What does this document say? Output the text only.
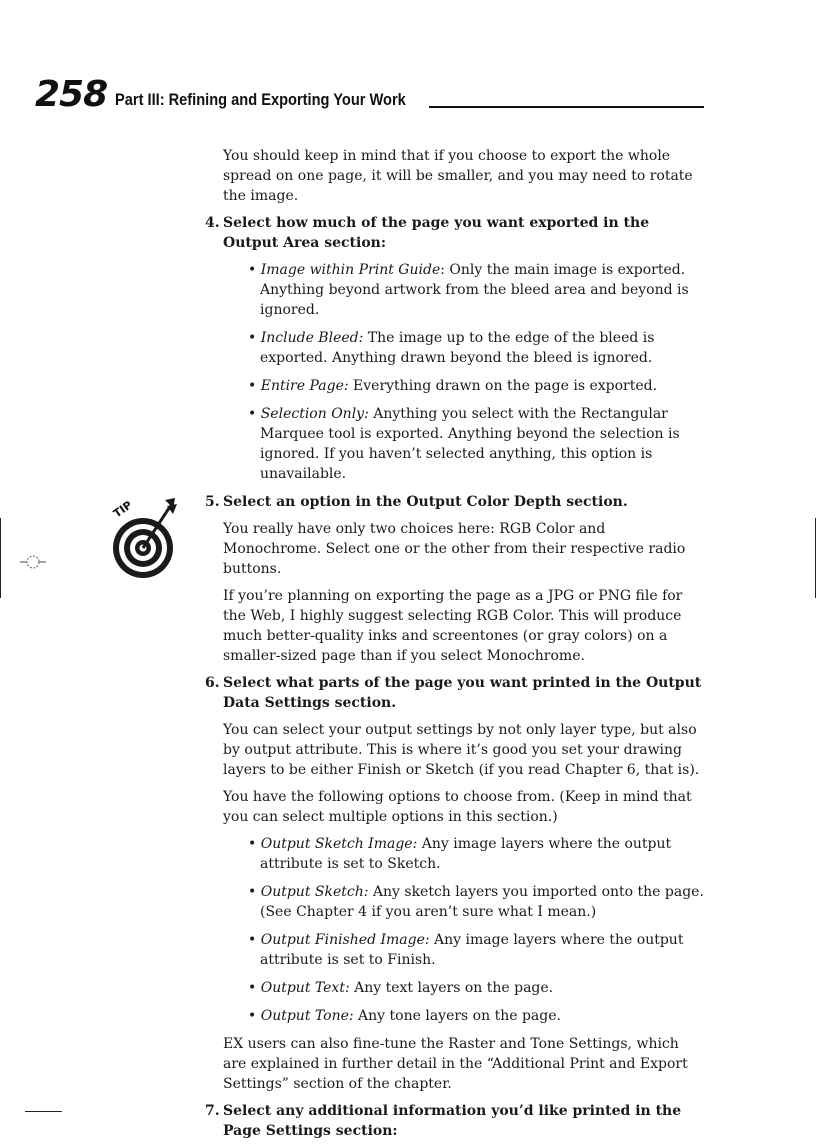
258 Part III: Refining and Exporting Your Work
TIP

You should keep in mind that if you choose to export the whole spread on one page, it will be smaller, and you may need to rotate the image.

4. Select how much of the page you want exported in the Output Area section:

• Image within Print Guide: Only the main image is exported. Anything beyond artwork from the bleed area and beyond is ignored.

• Include Bleed: The image up to the edge of the bleed is exported. Anything drawn beyond the bleed is ignored.

• Entire Page: Everything drawn on the page is exported.

• Selection Only: Anything you select with the Rectangular Marquee tool is exported. Anything beyond the selection is ignored. If you haven’t selected anything, this option is unavailable.

5. Select an option in the Output Color Depth section.

You really have only two choices here: RGB Color and Monochrome. Select one or the other from their respective radio buttons.

If you’re planning on exporting the page as a JPG or PNG file for the Web, I highly suggest selecting RGB Color. This will produce much better-quality inks and screentones (or gray colors) on a smaller-sized page than if you select Monochrome.

6. Select what parts of the page you want printed in the Output Data Settings section.

You can select your output settings by not only layer type, but also by output attribute. This is where it’s good you set your drawing layers to be either Finish or Sketch (if you read Chapter 6, that is).

You have the following options to choose from. (Keep in mind that you can select multiple options in this section.)

• Output Sketch Image: Any image layers where the output attribute is set to Sketch.

• Output Sketch: Any sketch layers you imported onto the page. (See Chapter 4 if you aren’t sure what I mean.)

• Output Finished Image: Any image layers where the output attribute is set to Finish.

• Output Text: Any text layers on the page.

• Output Tone: Any tone layers on the page.

EX users can also fine-tune the Raster and Tone Settings, which are explained in further detail in the “Additional Print and Export Settings” section of the chapter.

7. Select any additional information you’d like printed in the Page Settings section:
